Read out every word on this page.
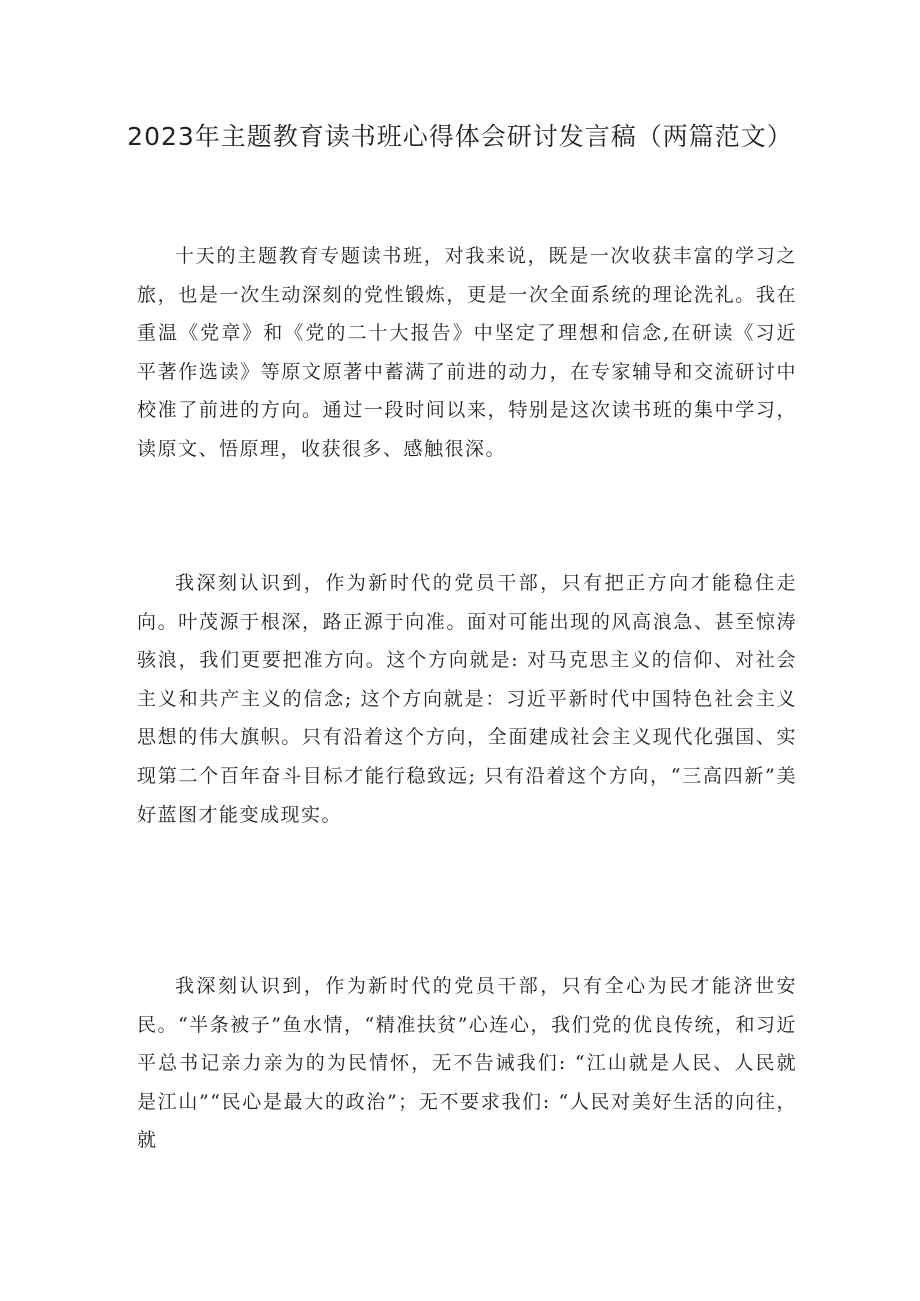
2023年主题教育读书班心得体会研讨发言稿（两篇范文）

十天的主题教育专题读书班，对我来说，既是一次收获丰富的学习之旅，也是一次生动深刻的党性锻炼，更是一次全面系统的理论洗礼。我在重温《党章》和《党的二十大报告》中坚定了理想和信念,在研读《习近平著作选读》等原文原著中蓄满了前进的动力，在专家辅导和交流研讨中校准了前进的方向。通过一段时间以来，特别是这次读书班的集中学习，读原文、悟原理，收获很多、感触很深。

我深刻认识到，作为新时代的党员干部，只有把正方向才能稳住走向。叶茂源于根深，路正源于向准。面对可能出现的风高浪急、甚至惊涛骇浪，我们更要把准方向。这个方向就是: 对马克思主义的信仰、对社会主义和共产主义的信念; 这个方向就是：习近平新时代中国特色社会主义思想的伟大旗帜。只有沿着这个方向，全面建成社会主义现代化强国、实现第二个百年奋斗目标才能行稳致远; 只有沿着这个方向，“三高四新”美好蓝图才能变成现实。

我深刻认识到，作为新时代的党员干部，只有全心为民才能济世安民。“半条被子”鱼水情，“精准扶贫”心连心，我们党的优良传统，和习近平总书记亲力亲为的为民情怀，无不告诫我们: “江山就是人民、人民就是江山”“民心是最大的政治”；无不要求我们: “人民对美好生活的向往，就
